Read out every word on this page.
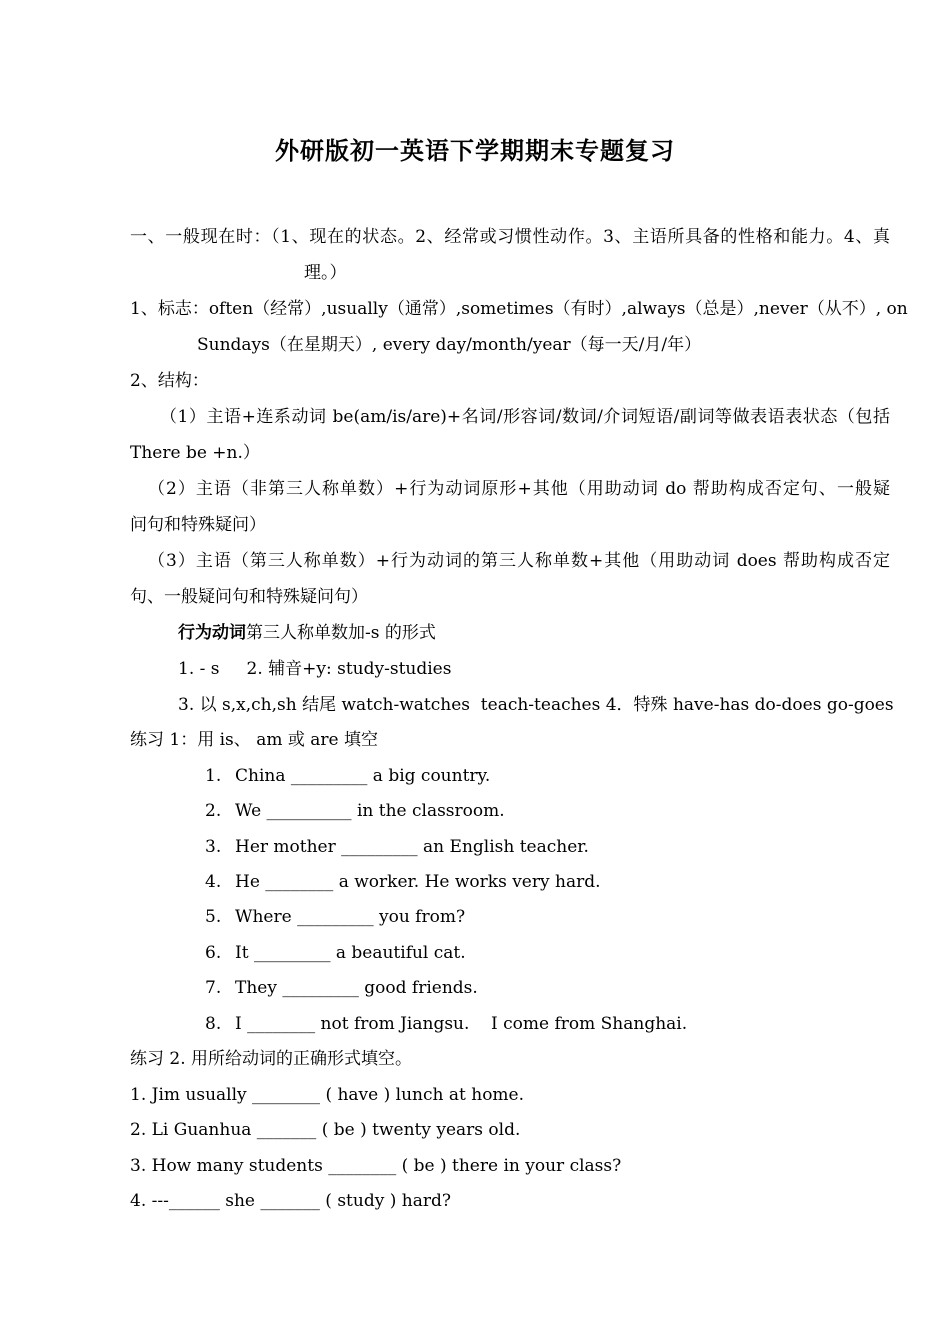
外研版初一英语下学期期末专题复习
一、一般现在时：（1、现在的状态。2、经常或习惯性动作。3、主语所具备的性格和能力。4、真
理。）
1、标志：often（经常）,usually（通常）,sometimes（有时）,always（总是）,never（从不）, on
Sundays（在星期天）, every day/month/year（每一天/月/年）
2、结构：
（1）主语+连系动词 be(am/is/are)+名词/形容词/数词/介词短语/副词等做表语表状态（包括
There be +n.）
（2）主语（非第三人称单数）+行为动词原形+其他（用助动词 do 帮助构成否定句、一般疑
问句和特殊疑问）
（3）主语（第三人称单数）+行为动词的第三人称单数+其他（用助动词 does 帮助构成否定
句、一般疑问句和特殊疑问句）
行为动词第三人称单数加-s 的形式
1. - s     2. 辅音+y: study-studies
3. 以 s,x,ch,sh 结尾 watch-watches  teach-teaches 4．特殊 have-has do-does go-goes
练习 1：用 is、 am 或 are 填空
1. China _________ a big country.
2. We __________ in the classroom.
3. Her mother _________ an English teacher.
4. He ________ a worker. He works very hard.
5. Where _________ you from?
6. It _________ a beautiful cat.
7. They _________ good friends.
8. I ________ not from Jiangsu.    I come from Shanghai.
练习 2. 用所给动词的正确形式填空。
1. Jim usually ________ ( have ) lunch at home.
2. Li Guanhua _______ ( be ) twenty years old.
3. How many students ________ ( be ) there in your class?
4. ---______ she _______ ( study ) hard?
